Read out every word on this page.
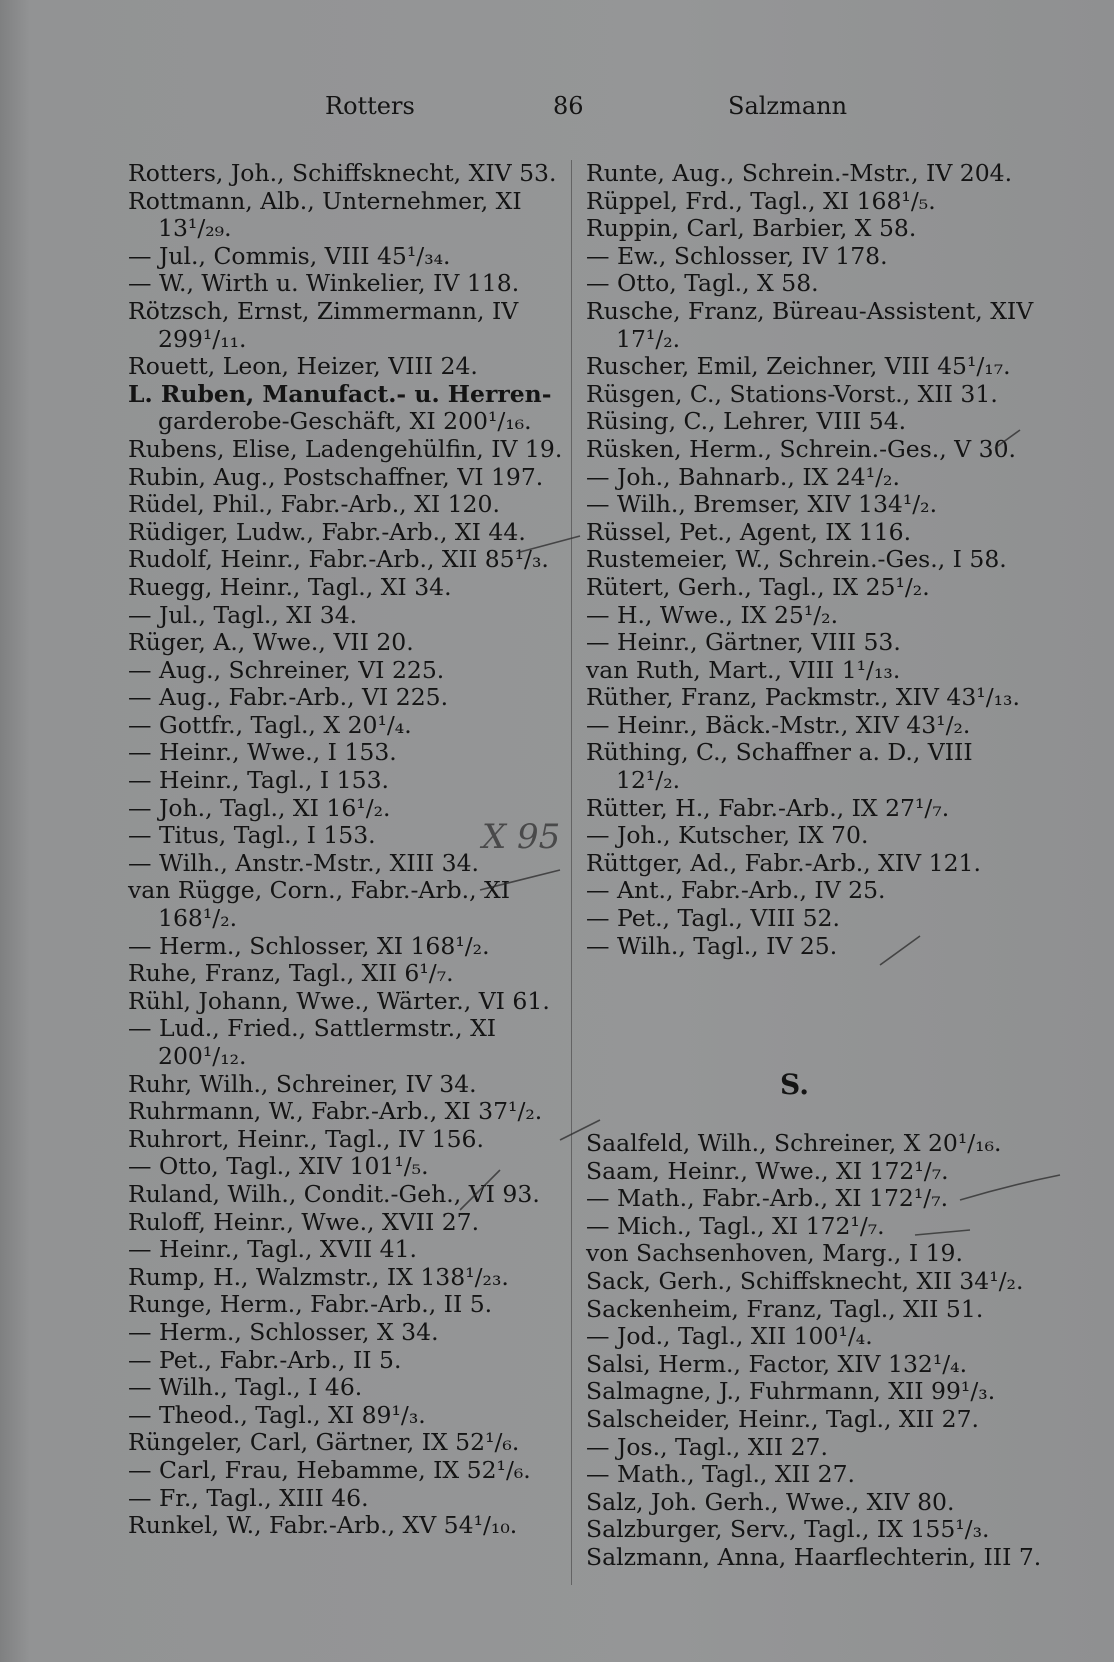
Rotters	86	Salzmann
Rotters, Joh., Schiffsknecht, XIV 53.
Rottmann, Alb., Unternehmer, XI
13¹/₂₉.
— Jul., Commis, VIII 45¹/₃₄.
— W., Wirth u. Winkelier, IV 118.
Rötzsch, Ernst, Zimmermann, IV
299¹/₁₁.
Rouett, Leon, Heizer, VIII 24.
L. Ruben, Manufact.- u. Herren-
garderobe-Geschäft, XI 200¹/₁₆.
Rubens, Elise, Ladengehülfin, IV 19.
Rubin, Aug., Postschaffner, VI 197.
Rüdel, Phil., Fabr.-Arb., XI 120.
Rüdiger, Ludw., Fabr.-Arb., XI 44.
Rudolf, Heinr., Fabr.-Arb., XII 85¹/₃.
Ruegg, Heinr., Tagl., XI 34.
— Jul., Tagl., XI 34.
Rüger, A., Wwe., VII 20.
— Aug., Schreiner, VI 225.
— Aug., Fabr.-Arb., VI 225.
— Gottfr., Tagl., X 20¹/₄.
— Heinr., Wwe., I 153.
— Heinr., Tagl., I 153.
— Joh., Tagl., XI 16¹/₂.
— Titus, Tagl., I 153.
— Wilh., Anstr.-Mstr., XIII 34.
van Rügge, Corn., Fabr.-Arb., XI
168¹/₂.
— Herm., Schlosser, XI 168¹/₂.
Ruhe, Franz, Tagl., XII 6¹/₇.
Rühl, Johann, Wwe., Wärter., VI 61.
— Lud., Fried., Sattlermstr., XI
200¹/₁₂.
Ruhr, Wilh., Schreiner, IV 34.
Ruhrmann, W., Fabr.-Arb., XI 37¹/₂.
Ruhrort, Heinr., Tagl., IV 156.
— Otto, Tagl., XIV 101¹/₅.
Ruland, Wilh., Condit.-Geh., VI 93.
Ruloff, Heinr., Wwe., XVII 27.
— Heinr., Tagl., XVII 41.
Rump, H., Walzmstr., IX 138¹/₂₃.
Runge, Herm., Fabr.-Arb., II 5.
— Herm., Schlosser, X 34.
— Pet., Fabr.-Arb., II 5.
— Wilh., Tagl., I 46.
— Theod., Tagl., XI 89¹/₃.
Rüngeler, Carl, Gärtner, IX 52¹/₆.
— Carl, Frau, Hebamme, IX 52¹/₆.
— Fr., Tagl., XIII 46.
Runkel, W., Fabr.-Arb., XV 54¹/₁₀.
Runte, Aug., Schrein.-Mstr., IV 204.
Rüppel, Frd., Tagl., XI 168¹/₅.
Ruppin, Carl, Barbier, X 58.
— Ew., Schlosser, IV 178.
— Otto, Tagl., X 58.
Rusche, Franz, Büreau-Assistent, XIV
17¹/₂.
Ruscher, Emil, Zeichner, VIII 45¹/₁₇.
Rüsgen, C., Stations-Vorst., XII 31.
Rüsing, C., Lehrer, VIII 54.
Rüsken, Herm., Schrein.-Ges., V 30.
— Joh., Bahnarb., IX 24¹/₂.
— Wilh., Bremser, XIV 134¹/₂.
Rüssel, Pet., Agent, IX 116.
Rustemeier, W., Schrein.-Ges., I 58.
Rütert, Gerh., Tagl., IX 25¹/₂.
— H., Wwe., IX 25¹/₂.
— Heinr., Gärtner, VIII 53.
van Ruth, Mart., VIII 1¹/₁₃.
Rüther, Franz, Packmstr., XIV 43¹/₁₃.
— Heinr., Bäck.-Mstr., XIV 43¹/₂.
Rüthing, C., Schaffner a. D., VIII
12¹/₂.
Rütter, H., Fabr.-Arb., IX 27¹/₇.
— Joh., Kutscher, IX 70.
Rüttger, Ad., Fabr.-Arb., XIV 121.
— Ant., Fabr.-Arb., IV 25.
— Pet., Tagl., VIII 52.
— Wilh., Tagl., IV 25.
S.
Saalfeld, Wilh., Schreiner, X 20¹/₁₆.
Saam, Heinr., Wwe., XI 172¹/₇.
— Math., Fabr.-Arb., XI 172¹/₇.
— Mich., Tagl., XI 172¹/₇.
von Sachsenhoven, Marg., I 19.
Sack, Gerh., Schiffsknecht, XII 34¹/₂.
Sackenheim, Franz, Tagl., XII 51.
— Jod., Tagl., XII 100¹/₄.
Salsi, Herm., Factor, XIV 132¹/₄.
Salmagne, J., Fuhrmann, XII 99¹/₃.
Salscheider, Heinr., Tagl., XII 27.
— Jos., Tagl., XII 27.
— Math., Tagl., XII 27.
Salz, Joh. Gerh., Wwe., XIV 80.
Salzburger, Serv., Tagl., IX 155¹/₃.
Salzmann, Anna, Haarflechterin, III 7.
X 95
